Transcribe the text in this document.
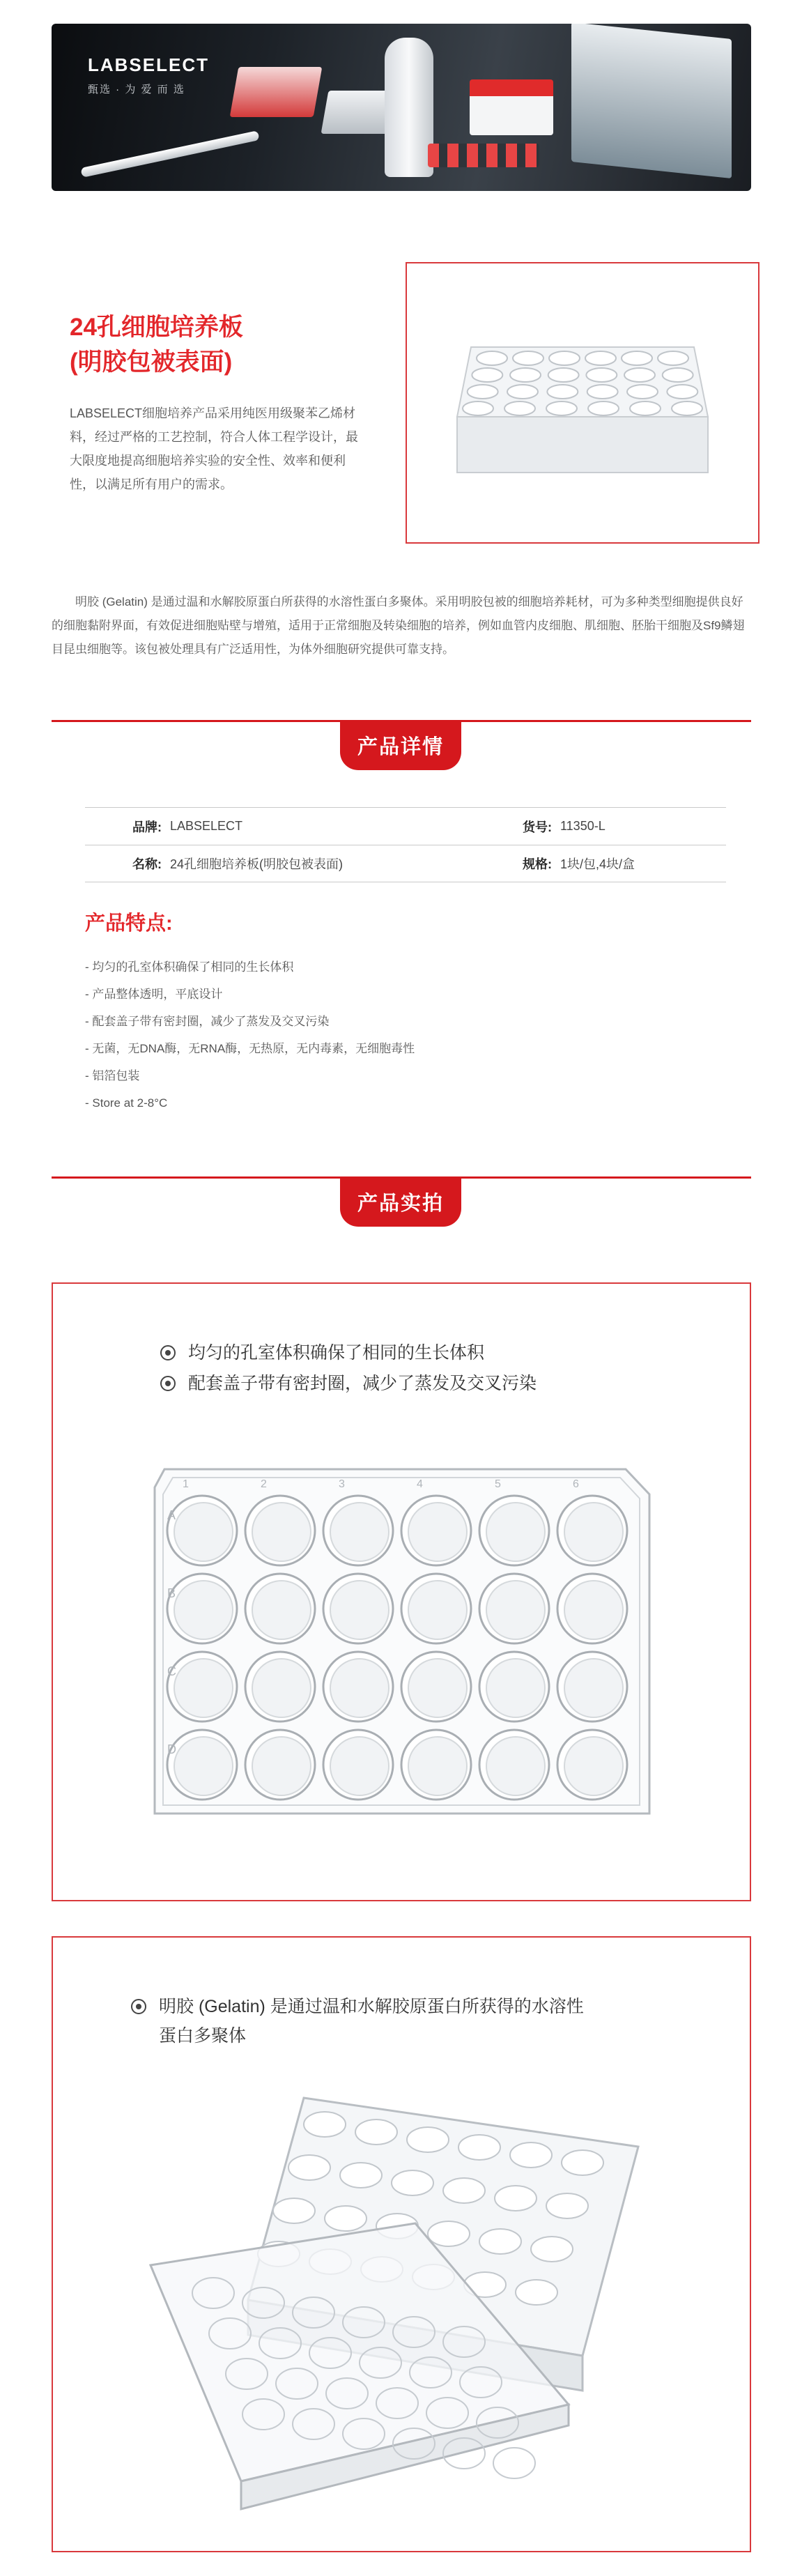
LABSELECT
甄选 · 为 爱 而 选
24孔细胞培养板
(明胶包被表面)
LABSELECT细胞培养产品采用纯医用级聚苯乙烯材料，经过严格的工艺控制，符合人体工程学设计，最大限度地提高细胞培养实验的安全性、效率和便利性，以满足所有用户的需求。
明胶 (Gelatin) 是通过温和水解胶原蛋白所获得的水溶性蛋白多聚体。采用明胶包被的细胞培养耗材，可为多种类型细胞提供良好的细胞黏附界面，有效促进细胞贴壁与增殖，适用于正常细胞及转染细胞的培养，例如血管内皮细胞、肌细胞、胚胎干细胞及Sf9鳞翅目昆虫细胞等。该包被处理具有广泛适用性，为体外细胞研究提供可靠支持。
产品详情
品牌: LABSELECT	货号: 11350-L
名称: 24孔细胞培养板(明胶包被表面)	规格: 1块/包,4块/盒
产品特点:
- 均匀的孔室体积确保了相同的生长体积
- 产品整体透明，平底设计
- 配套盖子带有密封圈，减少了蒸发及交叉污染
- 无菌，无DNA酶，无RNA酶，无热原，无内毒素，无细胞毒性
- 铝箔包装
- Store at 2-8°C
产品实拍
均匀的孔室体积确保了相同的生长体积
配套盖子带有密封圈，减少了蒸发及交叉污染
A
B
C
D
1	2	3	4	5	6
明胶 (Gelatin) 是通过温和水解胶原蛋白所获得的水溶性
蛋白多聚体
